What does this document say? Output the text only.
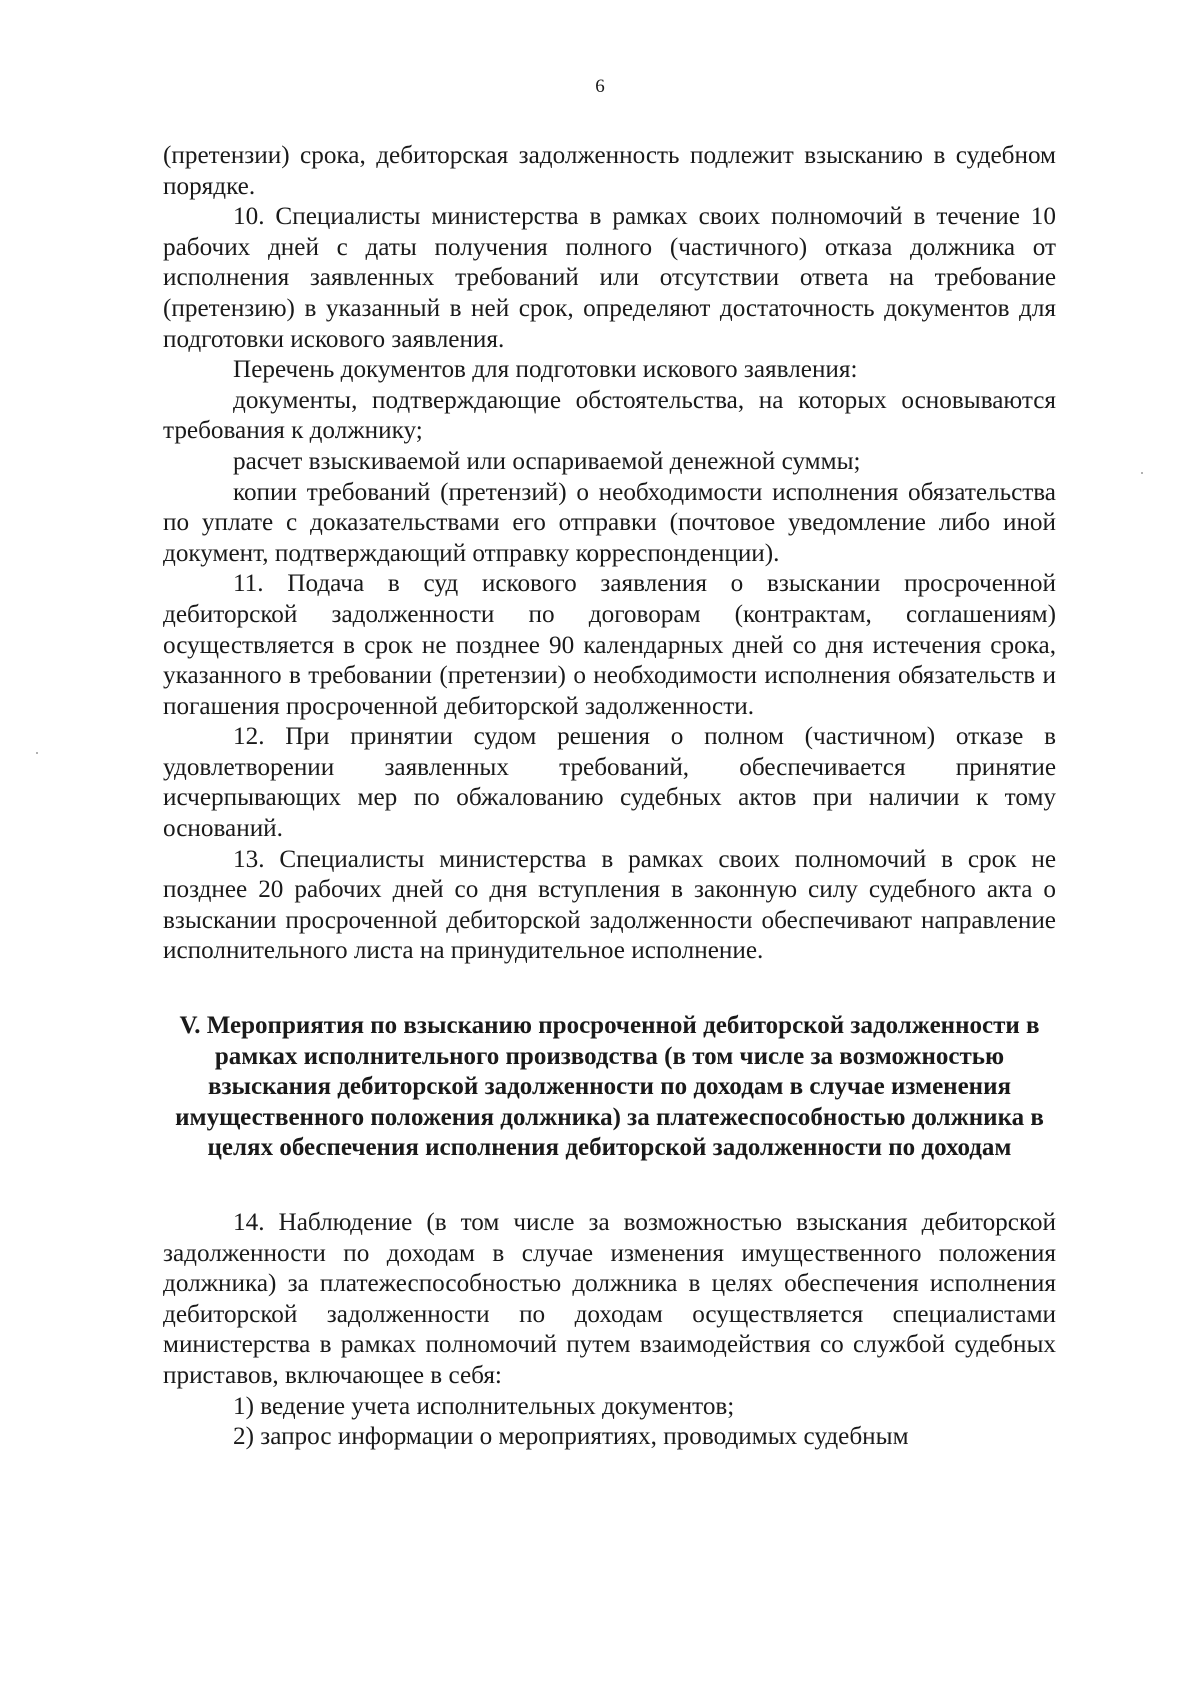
6

(претензии) срока, дебиторская задолженность подлежит взысканию в судебном порядке.

10. Специалисты министерства в рамках своих полномочий в течение 10 рабочих дней с даты получения полного (частичного) отказа должника от исполнения заявленных требований или отсутствии ответа на требование (претензию) в указанный в ней срок, определяют достаточность документов для подготовки искового заявления.

Перечень документов для подготовки искового заявления:

документы, подтверждающие обстоятельства, на которых основываются требования к должнику;

расчет взыскиваемой или оспариваемой денежной суммы;

копии требований (претензий) о необходимости исполнения обязательства по уплате с доказательствами его отправки (почтовое уведомление либо иной документ, подтверждающий отправку корреспонденции).

11. Подача в суд искового заявления о взыскании просроченной дебиторской задолженности по договорам (контрактам, соглашениям) осуществляется в срок не позднее 90 календарных дней со дня истечения срока, указанного в требовании (претензии) о необходимости исполнения обязательств и погашения просроченной дебиторской задолженности.

12. При принятии судом решения о полном (частичном) отказе в удовлетворении заявленных требований, обеспечивается принятие исчерпывающих мер по обжалованию судебных актов при наличии к тому оснований.

13. Специалисты министерства в рамках своих полномочий в срок не позднее 20 рабочих дней со дня вступления в законную силу судебного акта о взыскании просроченной дебиторской задолженности обеспечивают направление исполнительного листа на принудительное исполнение.

V. Мероприятия по взысканию просроченной дебиторской задолженности в рамках исполнительного производства (в том числе за возможностью взыскания дебиторской задолженности по доходам в случае изменения имущественного положения должника) за платежеспособностью должника в целях обеспечения исполнения дебиторской задолженности по доходам

14. Наблюдение (в том числе за возможностью взыскания дебиторской задолженности по доходам в случае изменения имущественного положения должника) за платежеспособностью должника в целях обеспечения исполнения дебиторской задолженности по доходам осуществляется специалистами министерства в рамках полномочий путем взаимодействия со службой судебных приставов, включающее в себя:

1) ведение учета исполнительных документов;

2) запрос информации о мероприятиях, проводимых судебным
